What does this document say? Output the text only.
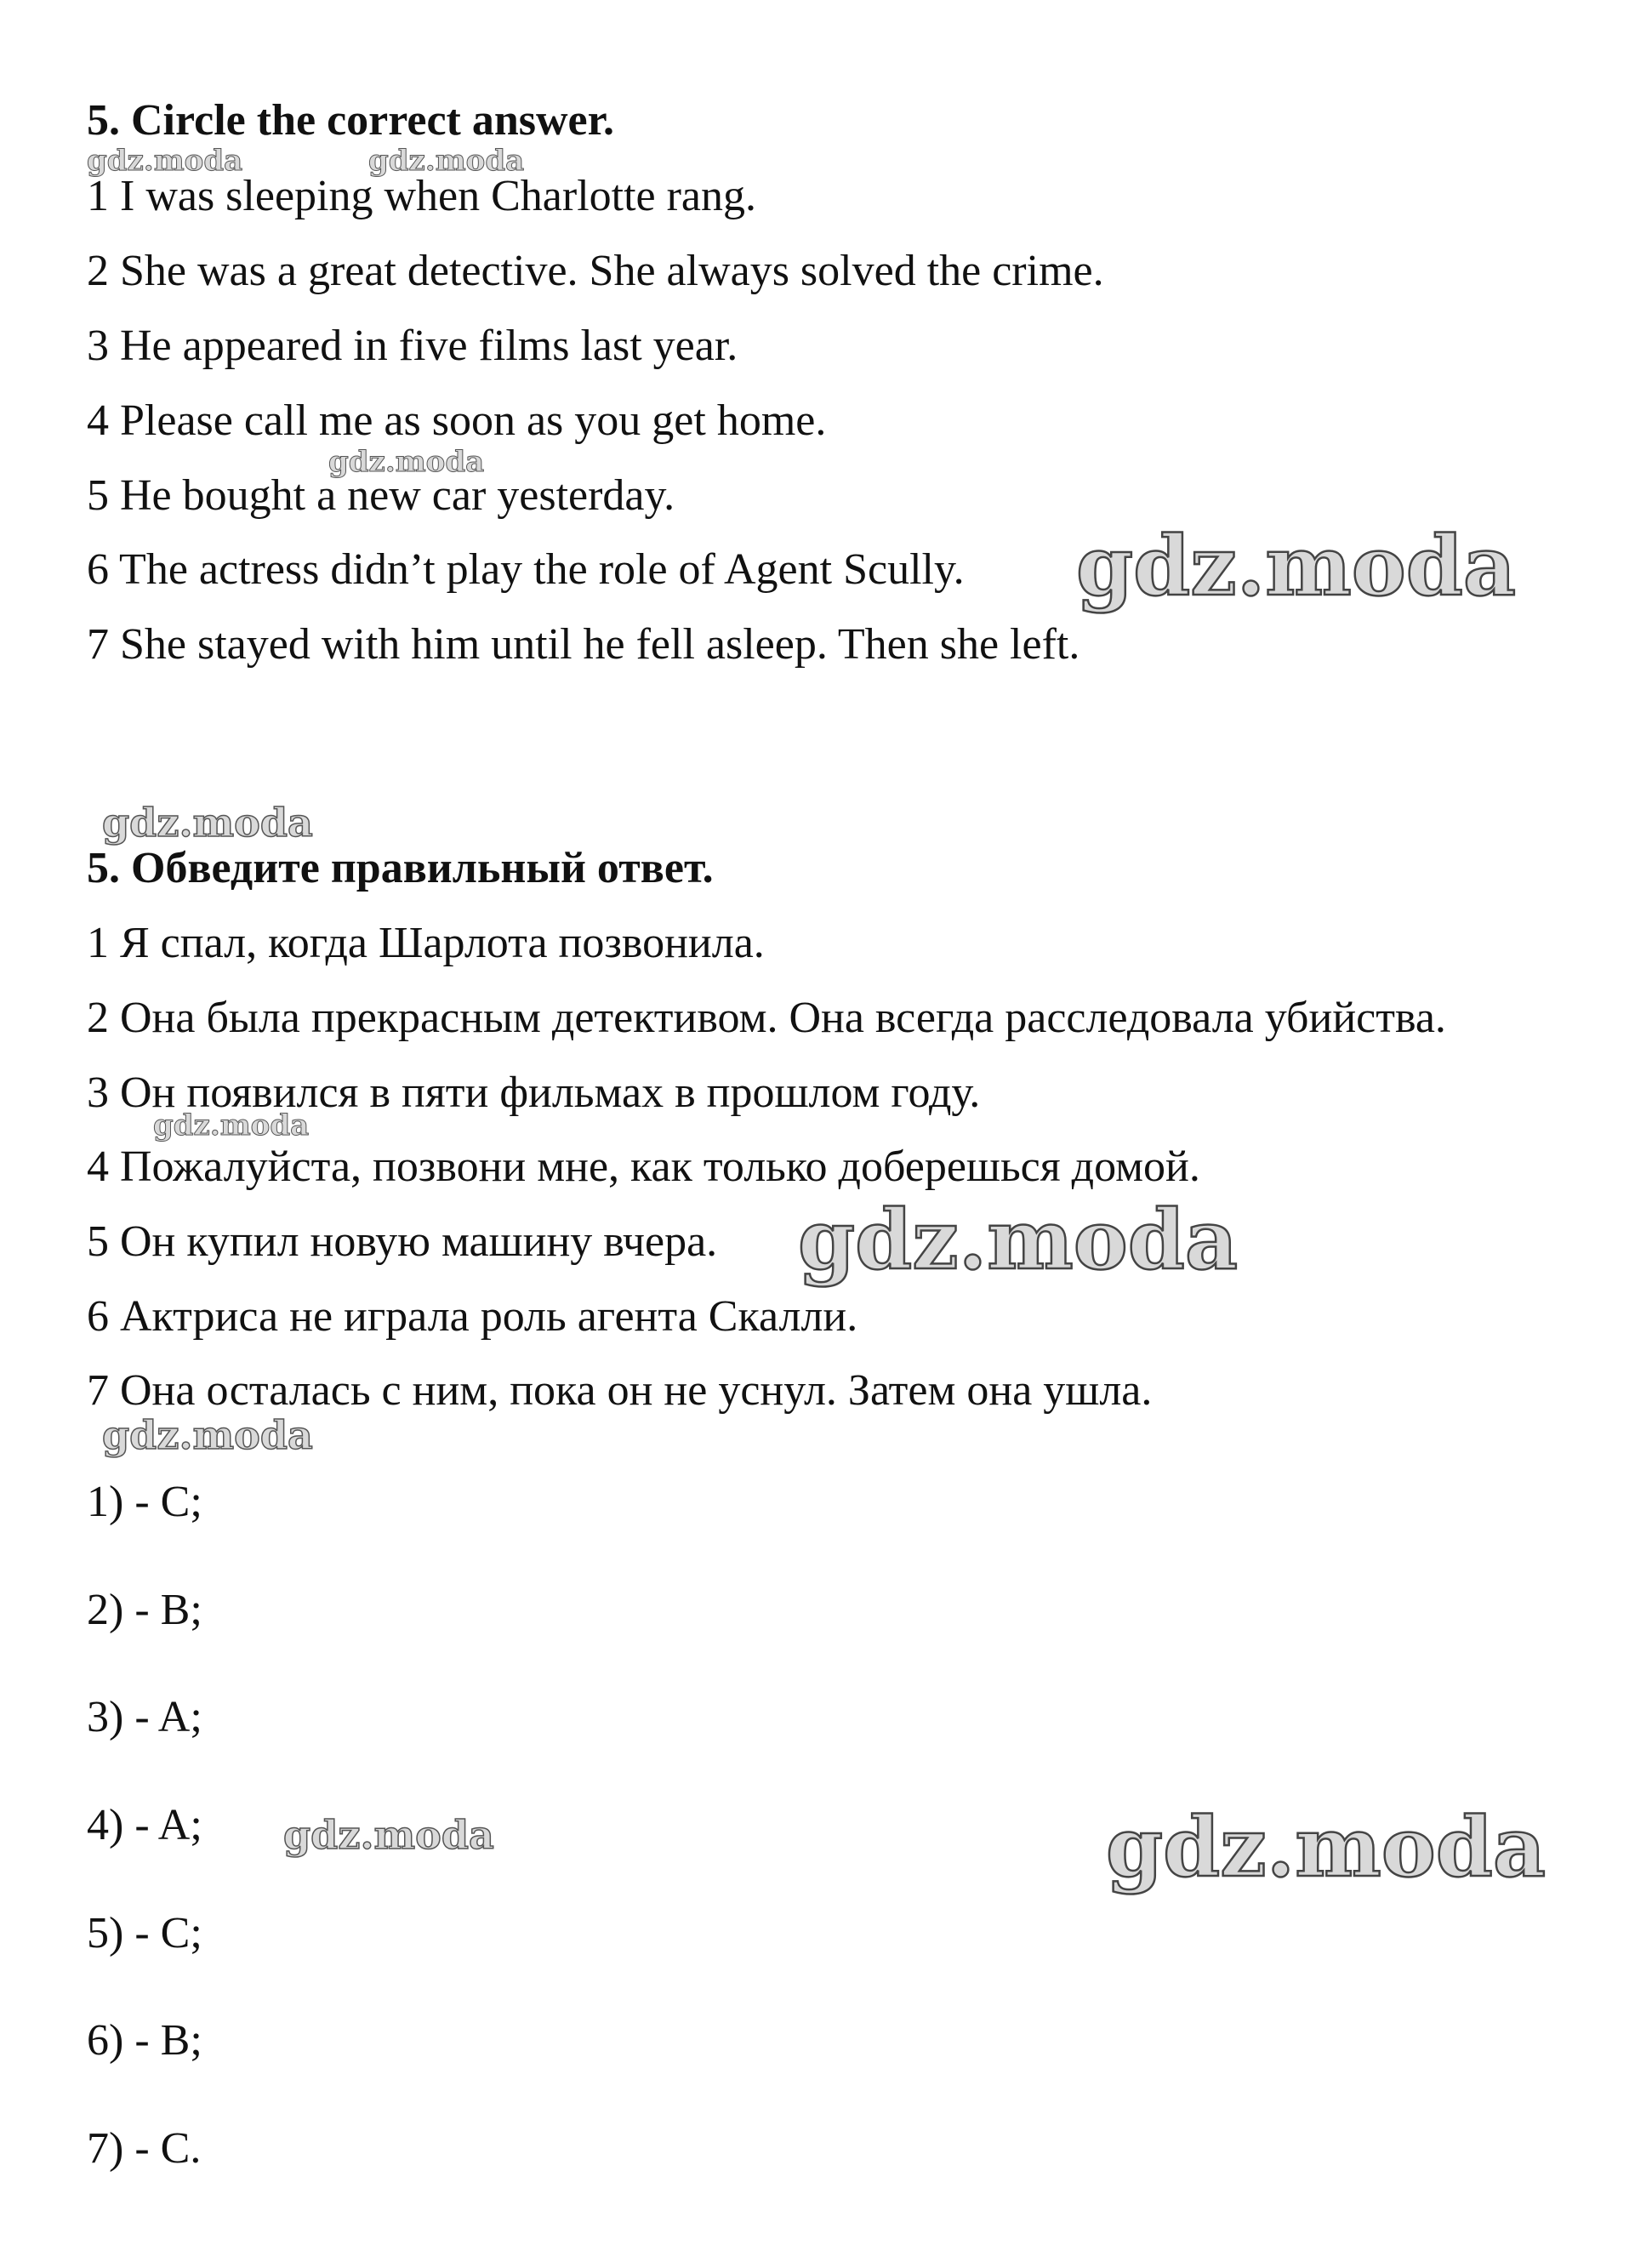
5. Circle the correct answer.
1 I was sleeping when Charlotte rang.
2 She was a great detective. She always solved the crime.
3 He appeared in five films last year.
4 Please call me as soon as you get home.
5 He bought a new car yesterday.
6 The actress didn’t play the role of Agent Scully.
7 She stayed with him until he fell asleep. Then she left.
5. Обведите правильный ответ.
1 Я спал, когда Шарлота позвонила.
2 Она была прекрасным детективом. Она всегда расследовала убийства.
3 Он появился в пяти фильмах в прошлом году.
4 Пожалуйста, позвони мне, как только доберешься домой.
5 Он купил новую машину вчера.
6 Актриса не играла роль агента Скалли.
7 Она осталась с ним, пока он не уснул. Затем она ушла.
1) - C;
2) - B;
3) - A;
4) - A;
5) - C;
6) - B;
7) - C.
gdz.moda	gdz.moda
gdz.moda
gdz.moda
gdz.moda
gdz.moda
gdz.moda
gdz.moda
gdz.moda	gdz.moda
